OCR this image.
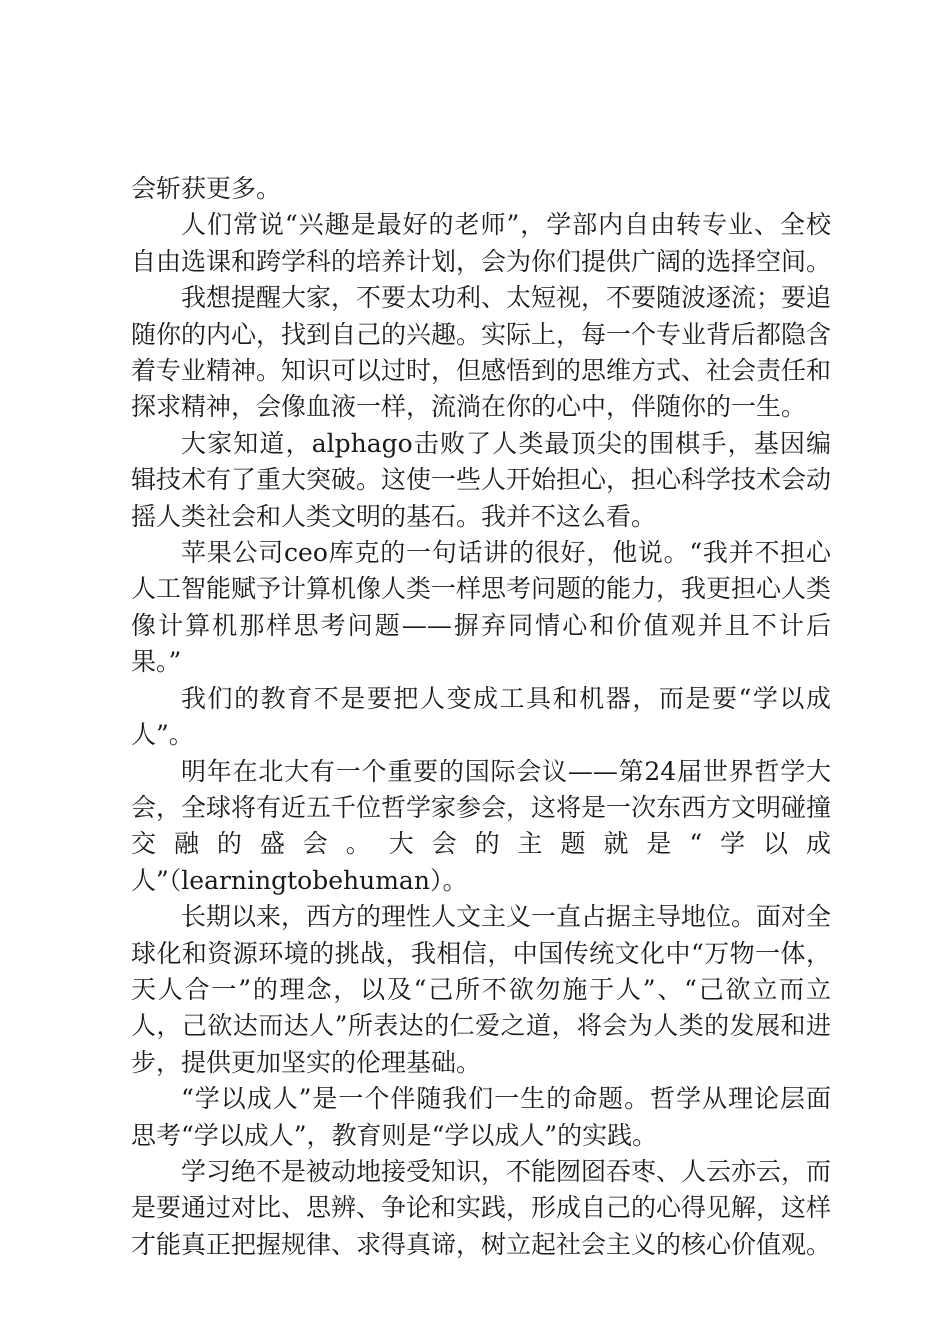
会斩获更多。

人们常说“兴趣是最好的老师”，学部内自由转专业、全校自由选课和跨学科的培养计划，会为你们提供广阔的选择空间。

我想提醒大家，不要太功利、太短视，不要随波逐流；要追随你的内心，找到自己的兴趣。实际上，每一个专业背后都隐含着专业精神。知识可以过时，但感悟到的思维方式、社会责任和探求精神，会像血液一样，流淌在你的心中，伴随你的一生。

大家知道，alphago击败了人类最顶尖的围棋手，基因编辑技术有了重大突破。这使一些人开始担心，担心科学技术会动摇人类社会和人类文明的基石。我并不这么看。

苹果公司ceo库克的一句话讲的很好，他说。“我并不担心人工智能赋予计算机像人类一样思考问题的能力，我更担心人类像计算机那样思考问题——摒弃同情心和价值观并且不计后果。”

我们的教育不是要把人变成工具和机器，而是要“学以成人”。

明年在北大有一个重要的国际会议——第24届世界哲学大会，全球将有近五千位哲学家参会，这将是一次东西方文明碰撞交融的盛会。大会的主题就是“学以成人”（learningtobehuman）。

长期以来，西方的理性人文主义一直占据主导地位。面对全球化和资源环境的挑战，我相信，中国传统文化中“万物一体，天人合一”的理念，以及“己所不欲勿施于人”、“己欲立而立人，己欲达而达人”所表达的仁爱之道，将会为人类的发展和进步，提供更加坚实的伦理基础。

“学以成人”是一个伴随我们一生的命题。哲学从理论层面思考“学以成人”，教育则是“学以成人”的实践。

学习绝不是被动地接受知识，不能囫囵吞枣、人云亦云，而是要通过对比、思辨、争论和实践，形成自己的心得见解，这样才能真正把握规律、求得真谛，树立起社会主义的核心价值观。
